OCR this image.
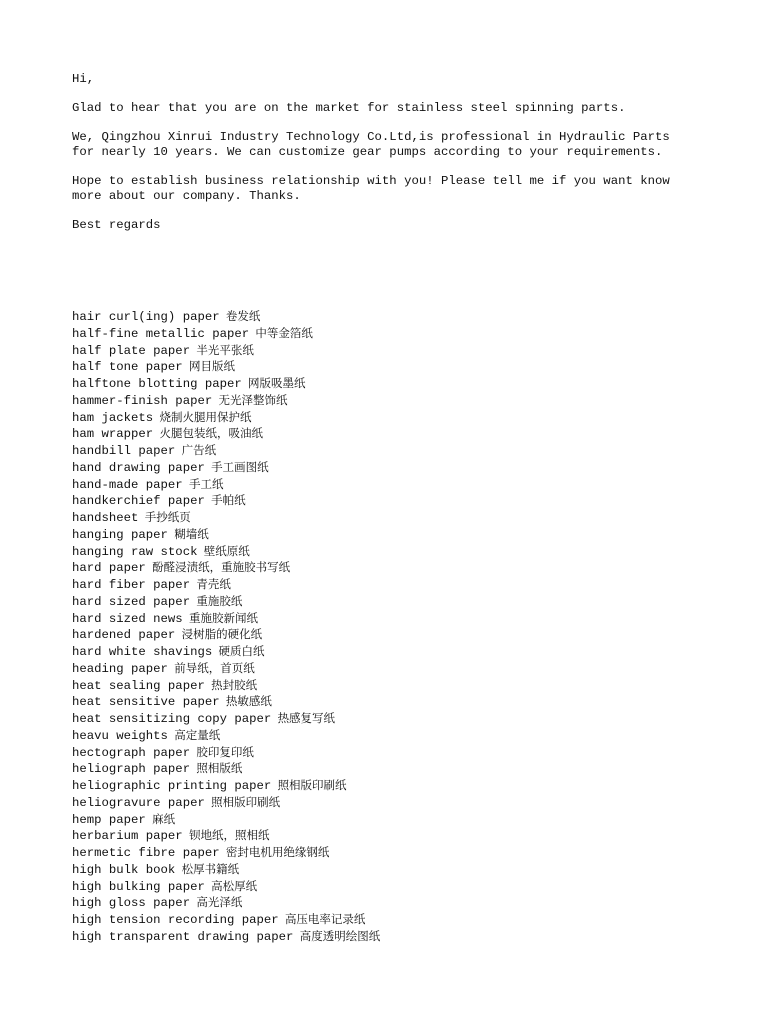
Hi,

Glad to hear that you are on the market for stainless steel spinning parts.

We, Qingzhou Xinrui Industry Technology Co.Ltd,is professional in Hydraulic Parts
for nearly 10 years. We can customize gear pumps according to your requirements.

Hope to establish business relationship with you! Please tell me if you want know
more about our company. Thanks.

Best regards

hair curl(ing) paper 卷发纸
half-fine metallic paper 中等金箔纸
half plate paper 半光平张纸
half tone paper 网目版纸
halftone blotting paper 网版吸墨纸
hammer-finish paper 无光泽整饰纸
ham jackets 烧制火腿用保护纸
ham wrapper 火腿包装纸，吸油纸
handbill paper 广告纸
hand drawing paper 手工画图纸
hand-made paper 手工纸
handkerchief paper 手帕纸
handsheet 手抄纸页
hanging paper 糊墙纸
hanging raw stock 壁纸原纸
hard paper 酚醛浸渍纸，重施胶书写纸
hard fiber paper 青壳纸
hard sized paper 重施胶纸
hard sized news 重施胶新闻纸
hardened paper 浸树脂的硬化纸
hard white shavings 硬质白纸
heading paper 前导纸，首页纸
heat sealing paper 热封胶纸
heat sensitive paper 热敏感纸
heat sensitizing copy paper 热感复写纸
heavu weights 高定量纸
hectograph paper 胶印复印纸
heliograph paper 照相版纸
heliographic printing paper 照相版印刷纸
heliogravure paper 照相版印刷纸
hemp paper 麻纸
herbarium paper 钡地纸，照相纸
hermetic fibre paper 密封电机用绝缘钢纸
high bulk book 松厚书籍纸
high bulking paper 高松厚纸
high gloss paper 高光泽纸
high tension recording paper 高压电率记录纸
high transparent drawing paper 高度透明绘图纸
